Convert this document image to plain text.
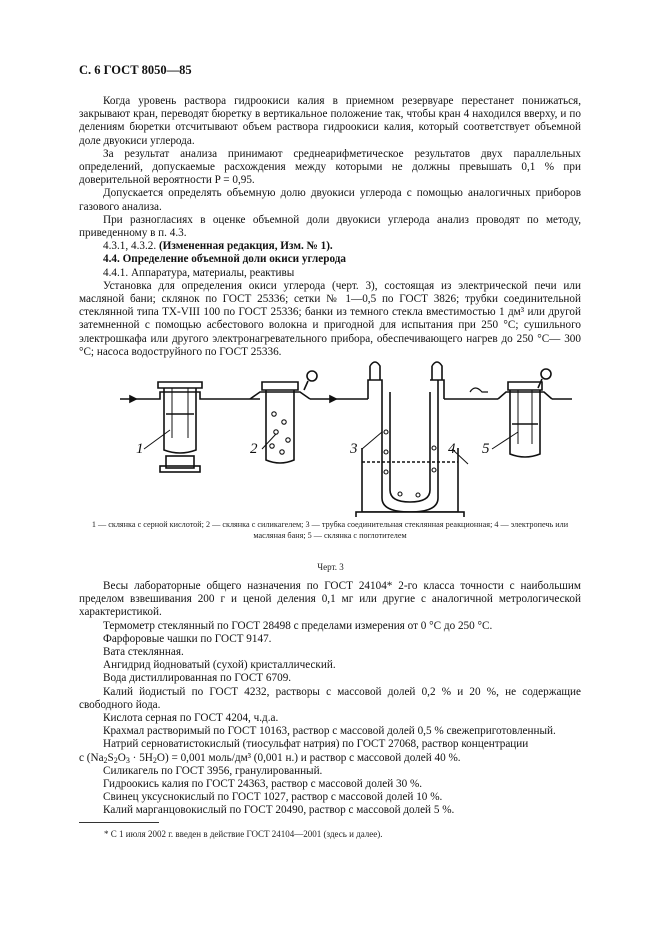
С. 6 ГОСТ 8050—85

Когда уровень раствора гидроокиси калия в приемном резервуаре перестанет понижаться, закрывают кран, переводят бюретку в вертикальное положение так, чтобы кран 4 находился вверху, и по делениям бюретки отсчитывают объем раствора гидроокиси калия, который соответствует объемной доле двуокиси углерода.

За результат анализа принимают среднеарифметическое результатов двух параллельных определений, допускаемые расхождения между которыми не должны превышать 0,1 % при доверительной вероятности P = 0,95.

Допускается определять объемную долю двуокиси углерода с помощью аналогичных приборов газового анализа.

При разногласиях в оценке объемной доли двуокиси углерода анализ проводят по методу, приведенному в п. 4.3.

4.3.1, 4.3.2. (Измененная редакция, Изм. № 1).

4.4. Определение объемной доли окиси углерода

4.4.1. Аппаратура, материалы, реактивы

Установка для определения окиси углерода (черт. 3), состоящая из электрической печи или масляной бани; склянок по ГОСТ 25336; сетки № 1—0,5 по ГОСТ 3826; трубки соединительной стеклянной типа ТХ-VIII 100 по ГОСТ 25336; банки из темного стекла вместимостью 1 дм³ или другой затемненной с помощью асбестового волокна и пригодной для испытания при 250 °С; сушильного электрошкафа или другого электронагревательного прибора, обеспечивающего нагрев до 250 °С— 300 °С; насоса водоструйного по ГОСТ 25336.

1	2	3	4 5
1 — склянка с серной кислотой; 2 — склянка с силикагелем; 3 — трубка соединительная стеклянная реакционная; 4 — электропечь или масляная баня; 5 — склянка с поглотителем
Черт. 3

Весы лабораторные общего назначения по ГОСТ 24104* 2-го класса точности с наибольшим пределом взвешивания 200 г и ценой деления 0,1 мг или другие с аналогичной метрологической характеристикой.

Термометр стеклянный по ГОСТ 28498 с пределами измерения от 0 °С до 250 °С.

Фарфоровые чашки по ГОСТ 9147.

Вата стеклянная.

Ангидрид йодноватый (сухой) кристаллический.

Вода дистиллированная по ГОСТ 6709.

Калий йодистый по ГОСТ 4232, растворы с массовой долей 0,2 % и 20 %, не содержащие свободного йода.

Кислота серная по ГОСТ 4204, ч.д.а.

Крахмал растворимый по ГОСТ 10163, раствор с массовой долей 0,5 % свежеприготовленный.

Натрий серноватистокислый (тиосульфат натрия) по ГОСТ 27068, раствор концентрации
c $(Na_2S_2O_3 \cdot 5H_2O) = 0,001$ моль/дм³ (0,001 н.) и раствор с массовой долей 40 %.

Силикагель по ГОСТ 3956, гранулированный.

Гидроокись калия по ГОСТ 24363, раствор с массовой долей 30 %.

Свинец уксуснокислый по ГОСТ 1027, раствор с массовой долей 10 %.

Калий марганцовокислый по ГОСТ 20490, раствор с массовой долей 5 %.

* С 1 июля 2002 г. введен в действие ГОСТ 24104—2001 (здесь и далее).
